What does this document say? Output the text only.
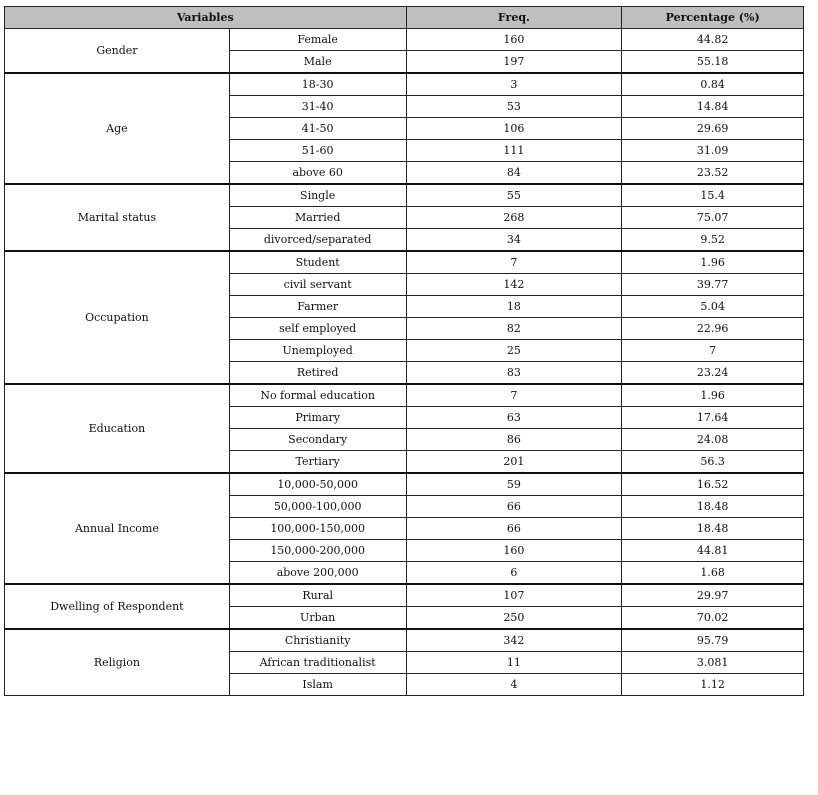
Variables		Freq.	Percentage (%)
Gender	Female	160	44.82
	Male	197	55.18
Age	18-30	3	0.84
	31-40	53	14.84
	41-50	106	29.69
	51-60	111	31.09
	above 60	84	23.52
Marital status	Single	55	15.4
	Married	268	75.07
	divorced/separated	34	9.52
Occupation	Student	7	1.96
	civil servant	142	39.77
	Farmer	18	5.04
	self employed	82	22.96
	Unemployed	25	7
	Retired	83	23.24
Education	No formal education	7	1.96
	Primary	63	17.64
	Secondary	86	24.08
	Tertiary	201	56.3
Annual Income	10,000-50,000	59	16.52
	50,000-100,000	66	18.48
	100,000-150,000	66	18.48
	150,000-200,000	160	44.81
	above 200,000	6	1.68
Dwelling of Respondent	Rural	107	29.97
	Urban	250	70.02
Religion	Christianity	342	95.79
	African traditionalist	11	3.081
	Islam	4	1.12
